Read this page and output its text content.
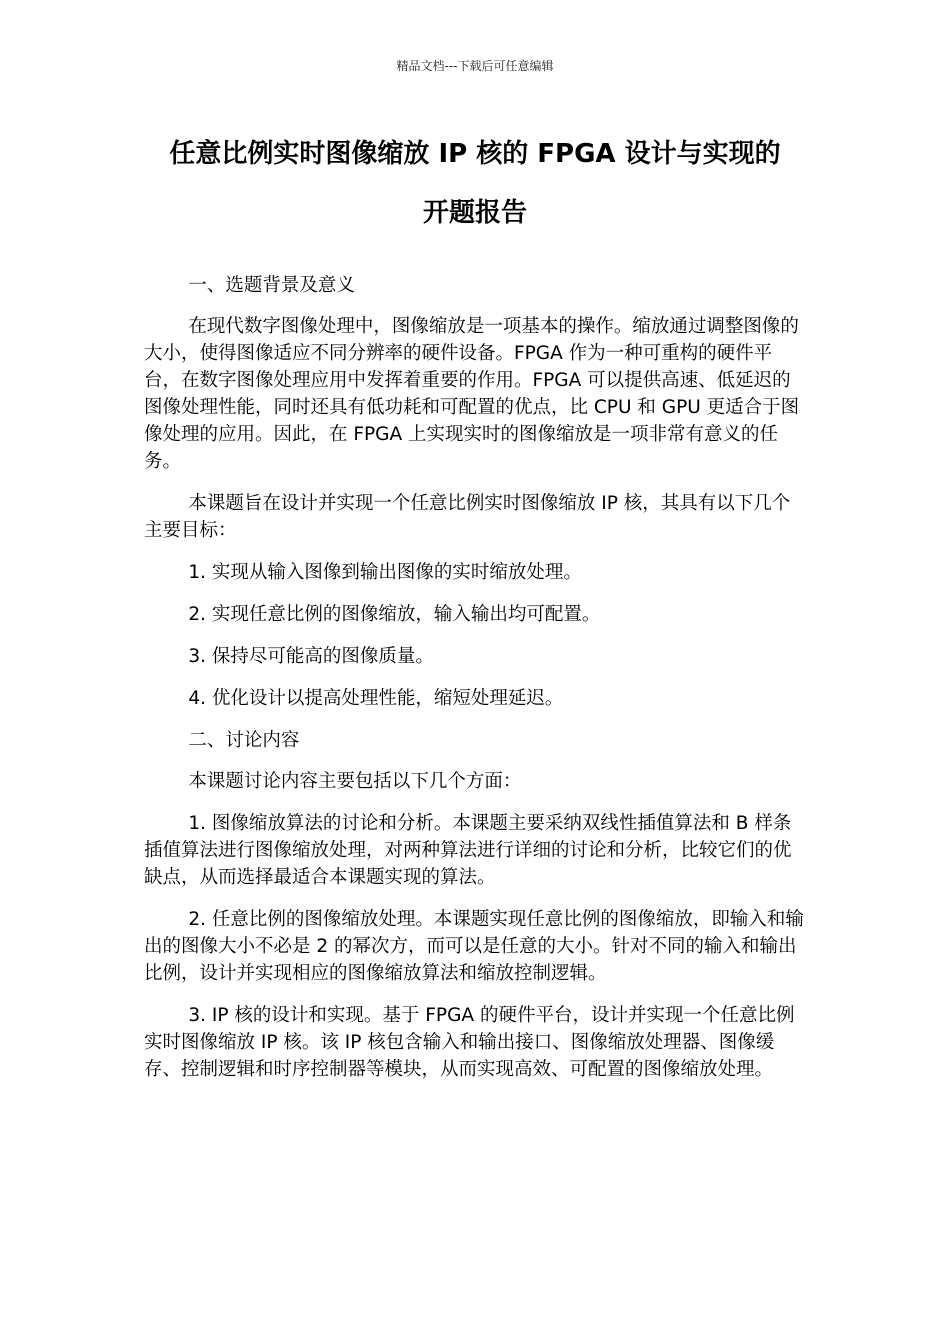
精品文档---下载后可任意编辑
任意比例实时图像缩放 IP 核的 FPGA 设计与实现的
开题报告

一、选题背景及意义

在现代数字图像处理中，图像缩放是一项基本的操作。缩放通过调整图像的大小，使得图像适应不同分辨率的硬件设备。FPGA 作为一种可重构的硬件平台，在数字图像处理应用中发挥着重要的作用。FPGA 可以提供高速、低延迟的图像处理性能，同时还具有低功耗和可配置的优点，比 CPU 和 GPU 更适合于图像处理的应用。因此，在 FPGA 上实现实时的图像缩放是一项非常有意义的任务。

本课题旨在设计并实现一个任意比例实时图像缩放 IP 核，其具有以下几个主要目标：

1. 实现从输入图像到输出图像的实时缩放处理。

2. 实现任意比例的图像缩放，输入输出均可配置。

3. 保持尽可能高的图像质量。

4. 优化设计以提高处理性能，缩短处理延迟。

二、讨论内容

本课题讨论内容主要包括以下几个方面：

1. 图像缩放算法的讨论和分析。本课题主要采纳双线性插值算法和 B 样条插值算法进行图像缩放处理，对两种算法进行详细的讨论和分析，比较它们的优缺点，从而选择最适合本课题实现的算法。

2. 任意比例的图像缩放处理。本课题实现任意比例的图像缩放，即输入和输出的图像大小不必是 2 的幂次方，而可以是任意的大小。针对不同的输入和输出比例，设计并实现相应的图像缩放算法和缩放控制逻辑。

3. IP 核的设计和实现。基于 FPGA 的硬件平台，设计并实现一个任意比例实时图像缩放 IP 核。该 IP 核包含输入和输出接口、图像缩放处理器、图像缓存、控制逻辑和时序控制器等模块，从而实现高效、可配置的图像缩放处理。
